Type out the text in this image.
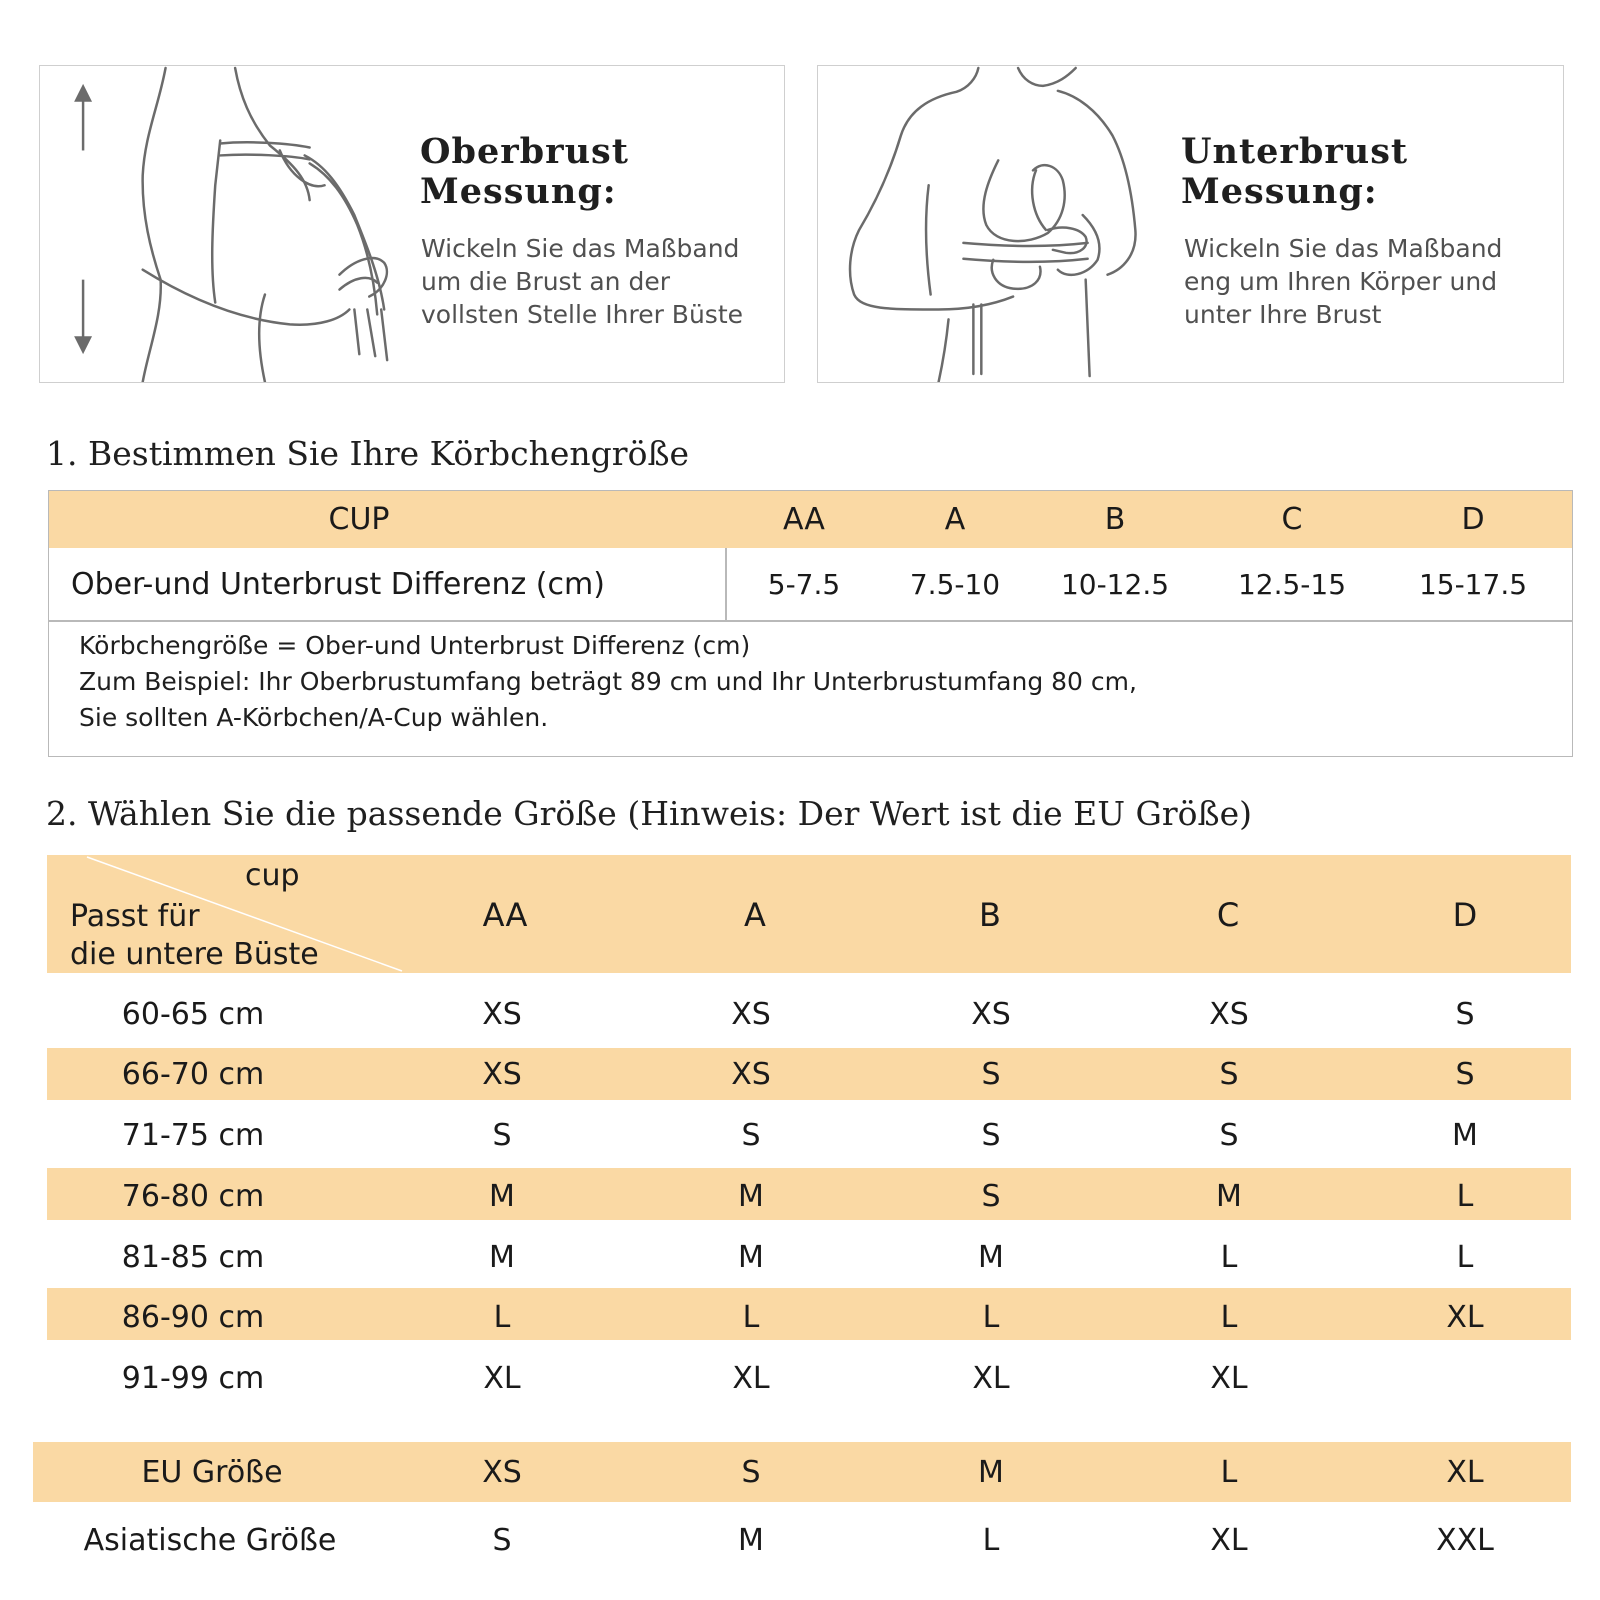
Oberbrust
Messung:
Wickeln Sie das Maßband
um die Brust an der
vollsten Stelle Ihrer Büste
Unterbrust
Messung:
Wickeln Sie das Maßband
eng um Ihren Körper und
unter Ihre Brust
1. Bestimmen Sie Ihre Körbchengröße
CUP	AA	A	B	C	D
Ober-und Unterbrust Differenz (cm)	5-7.5	7.5-10	10-12.5	12.5-15	15-17.5
Körbchengröße = Ober-und Unterbrust Differenz (cm)
Zum Beispiel: Ihr Oberbrustumfang beträgt 89 cm und Ihr Unterbrustumfang 80 cm,
Sie sollten A-Körbchen/A-Cup wählen.
2. Wählen Sie die passende Größe (Hinweis: Der Wert ist die EU Größe)
cup
Passt für
die untere Büste
AA	A	B	C	D
60-65 cm	XS	XS	XS	XS	S
66-70 cm	XS	XS	S	S	S
71-75 cm	S	S	S	S	M
76-80 cm	M	M	S	M	L
81-85 cm	M	M	M	L	L
86-90 cm	L	L	L	L	XL
91-99 cm	XL	XL	XL	XL
EU Größe	XS	S	M	L	XL
Asiatische Größe	S	M	L	XL	XXL
